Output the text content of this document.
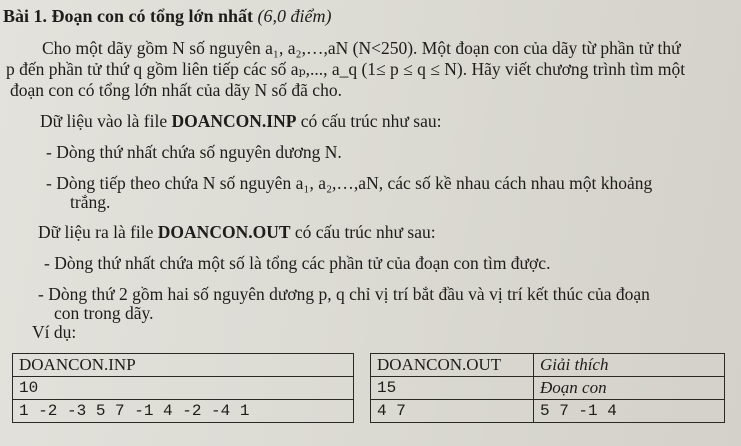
Bài 1. Đoạn con có tổng lớn nhất (6,0 điểm)
Cho một dãy gồm N số nguyên a₁, a₂,…,aN (N<250). Một đoạn con của dãy từ phần tử thứ
p đến phần tử thứ q gồm liên tiếp các số aₚ,..., a_q (1≤ p ≤ q ≤ N). Hãy viết chương trình tìm một
đoạn con có tổng lớn nhất của dãy N số đã cho.
Dữ liệu vào là file DOANCON.INP có cấu trúc như sau:
- Dòng thứ nhất chứa số nguyên dương N.
- Dòng tiếp theo chứa N số nguyên a₁, a₂,…,aN, các số kề nhau cách nhau một khoảng
trắng.
Dữ liệu ra là file DOANCON.OUT có cấu trúc như sau:
- Dòng thứ nhất chứa một số là tổng các phần tử của đoạn con tìm được.
- Dòng thứ 2 gồm hai số nguyên dương p, q chỉ vị trí bắt đầu và vị trí kết thúc của đoạn
con trong dãy.
Ví dụ:
DOANCON.INP
10
1 -2 -3 5 7 -1 4 -2 -4 1
DOANCON.OUT	Giải thích
15	Đoạn con
4 7	5 7 -1 4
